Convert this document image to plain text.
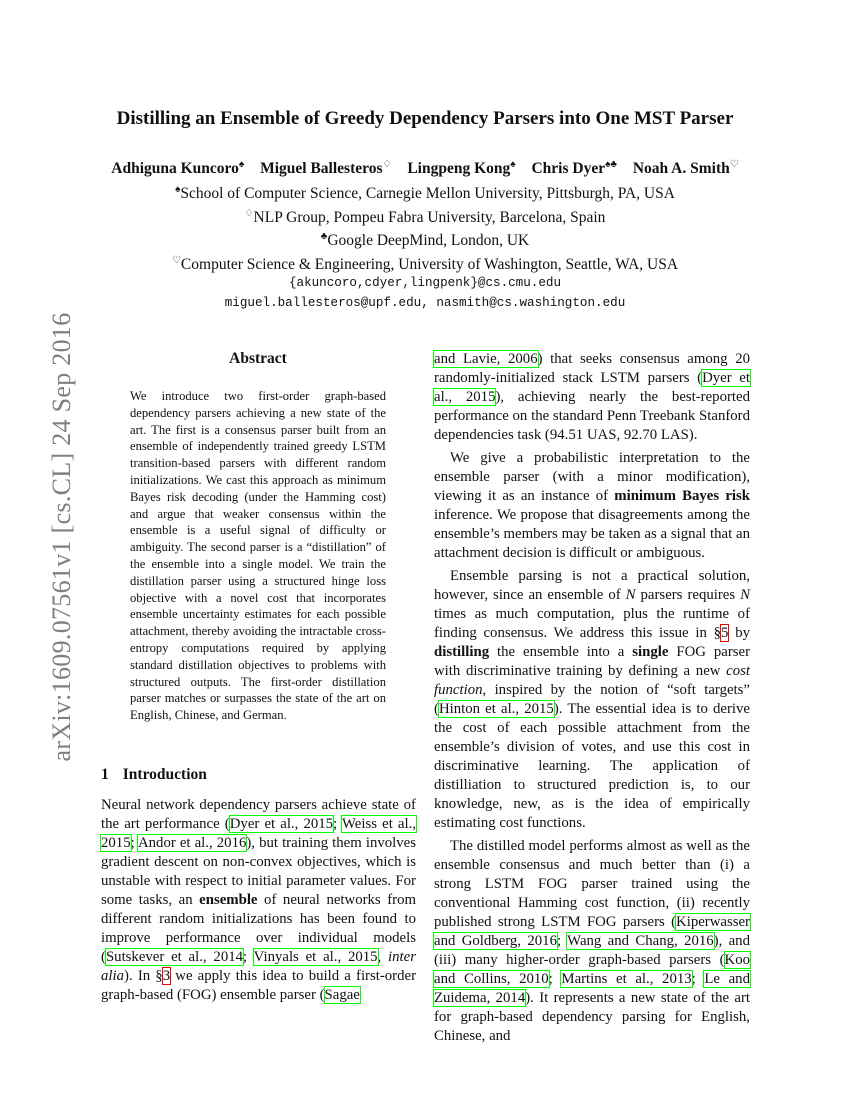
arXiv:1609.07561v1 [cs.CL] 24 Sep 2016
Distilling an Ensemble of Greedy Dependency Parsers into One MST Parser
Adhiguna Kuncoro♠ Miguel Ballesteros♢ Lingpeng Kong♠ Chris Dyer♠♣ Noah A. Smith♡
♠School of Computer Science, Carnegie Mellon University, Pittsburgh, PA, USA
♢NLP Group, Pompeu Fabra University, Barcelona, Spain
♣Google DeepMind, London, UK
♡Computer Science & Engineering, University of Washington, Seattle, WA, USA
{akuncoro,cdyer,lingpenk}@cs.cmu.edu
miguel.ballesteros@upf.edu, nasmith@cs.washington.edu
Abstract

We introduce two first-order graph-based dependency parsers achieving a new state of the art. The first is a consensus parser built from an ensemble of independently trained greedy LSTM transition-based parsers with different random initializations. We cast this approach as minimum Bayes risk decoding (under the Hamming cost) and argue that weaker consensus within the ensemble is a useful signal of difficulty or ambiguity. The second parser is a “distillation” of the ensemble into a single model. We train the distillation parser using a structured hinge loss objective with a novel cost that incorporates ensemble uncertainty estimates for each possible attachment, thereby avoiding the intractable cross-entropy computations required by applying standard distillation objectives to problems with structured outputs. The first-order distillation parser matches or surpasses the state of the art on English, Chinese, and German.

1 Introduction

Neural network dependency parsers achieve state of the art performance (Dyer et al., 2015; Weiss et al., 2015; Andor et al., 2016), but training them involves gradient descent on non-convex objectives, which is unstable with respect to initial parameter values. For some tasks, an ensemble of neural networks from different random initializations has been found to improve performance over individual models (Sutskever et al., 2014; Vinyals et al., 2015, inter alia). In §3 we apply this idea to build a first-order graph-based (FOG) ensemble parser (Sagae

and Lavie, 2006) that seeks consensus among 20 randomly-initialized stack LSTM parsers (Dyer et al., 2015), achieving nearly the best-reported performance on the standard Penn Treebank Stanford dependencies task (94.51 UAS, 92.70 LAS).

We give a probabilistic interpretation to the ensemble parser (with a minor modification), viewing it as an instance of minimum Bayes risk inference. We propose that disagreements among the ensemble’s members may be taken as a signal that an attachment decision is difficult or ambiguous.

Ensemble parsing is not a practical solution, however, since an ensemble of N parsers requires N times as much computation, plus the runtime of finding consensus. We address this issue in §5 by distilling the ensemble into a single FOG parser with discriminative training by defining a new cost function, inspired by the notion of “soft targets” (Hinton et al., 2015). The essential idea is to derive the cost of each possible attachment from the ensemble’s division of votes, and use this cost in discriminative learning. The application of distilliation to structured prediction is, to our knowledge, new, as is the idea of empirically estimating cost functions.

The distilled model performs almost as well as the ensemble consensus and much better than (i) a strong LSTM FOG parser trained using the conventional Hamming cost function, (ii) recently published strong LSTM FOG parsers (Kiperwasser and Goldberg, 2016; Wang and Chang, 2016), and (iii) many higher-order graph-based parsers (Koo and Collins, 2010; Martins et al., 2013; Le and Zuidema, 2014). It represents a new state of the art for graph-based dependency parsing for English, Chinese, and
